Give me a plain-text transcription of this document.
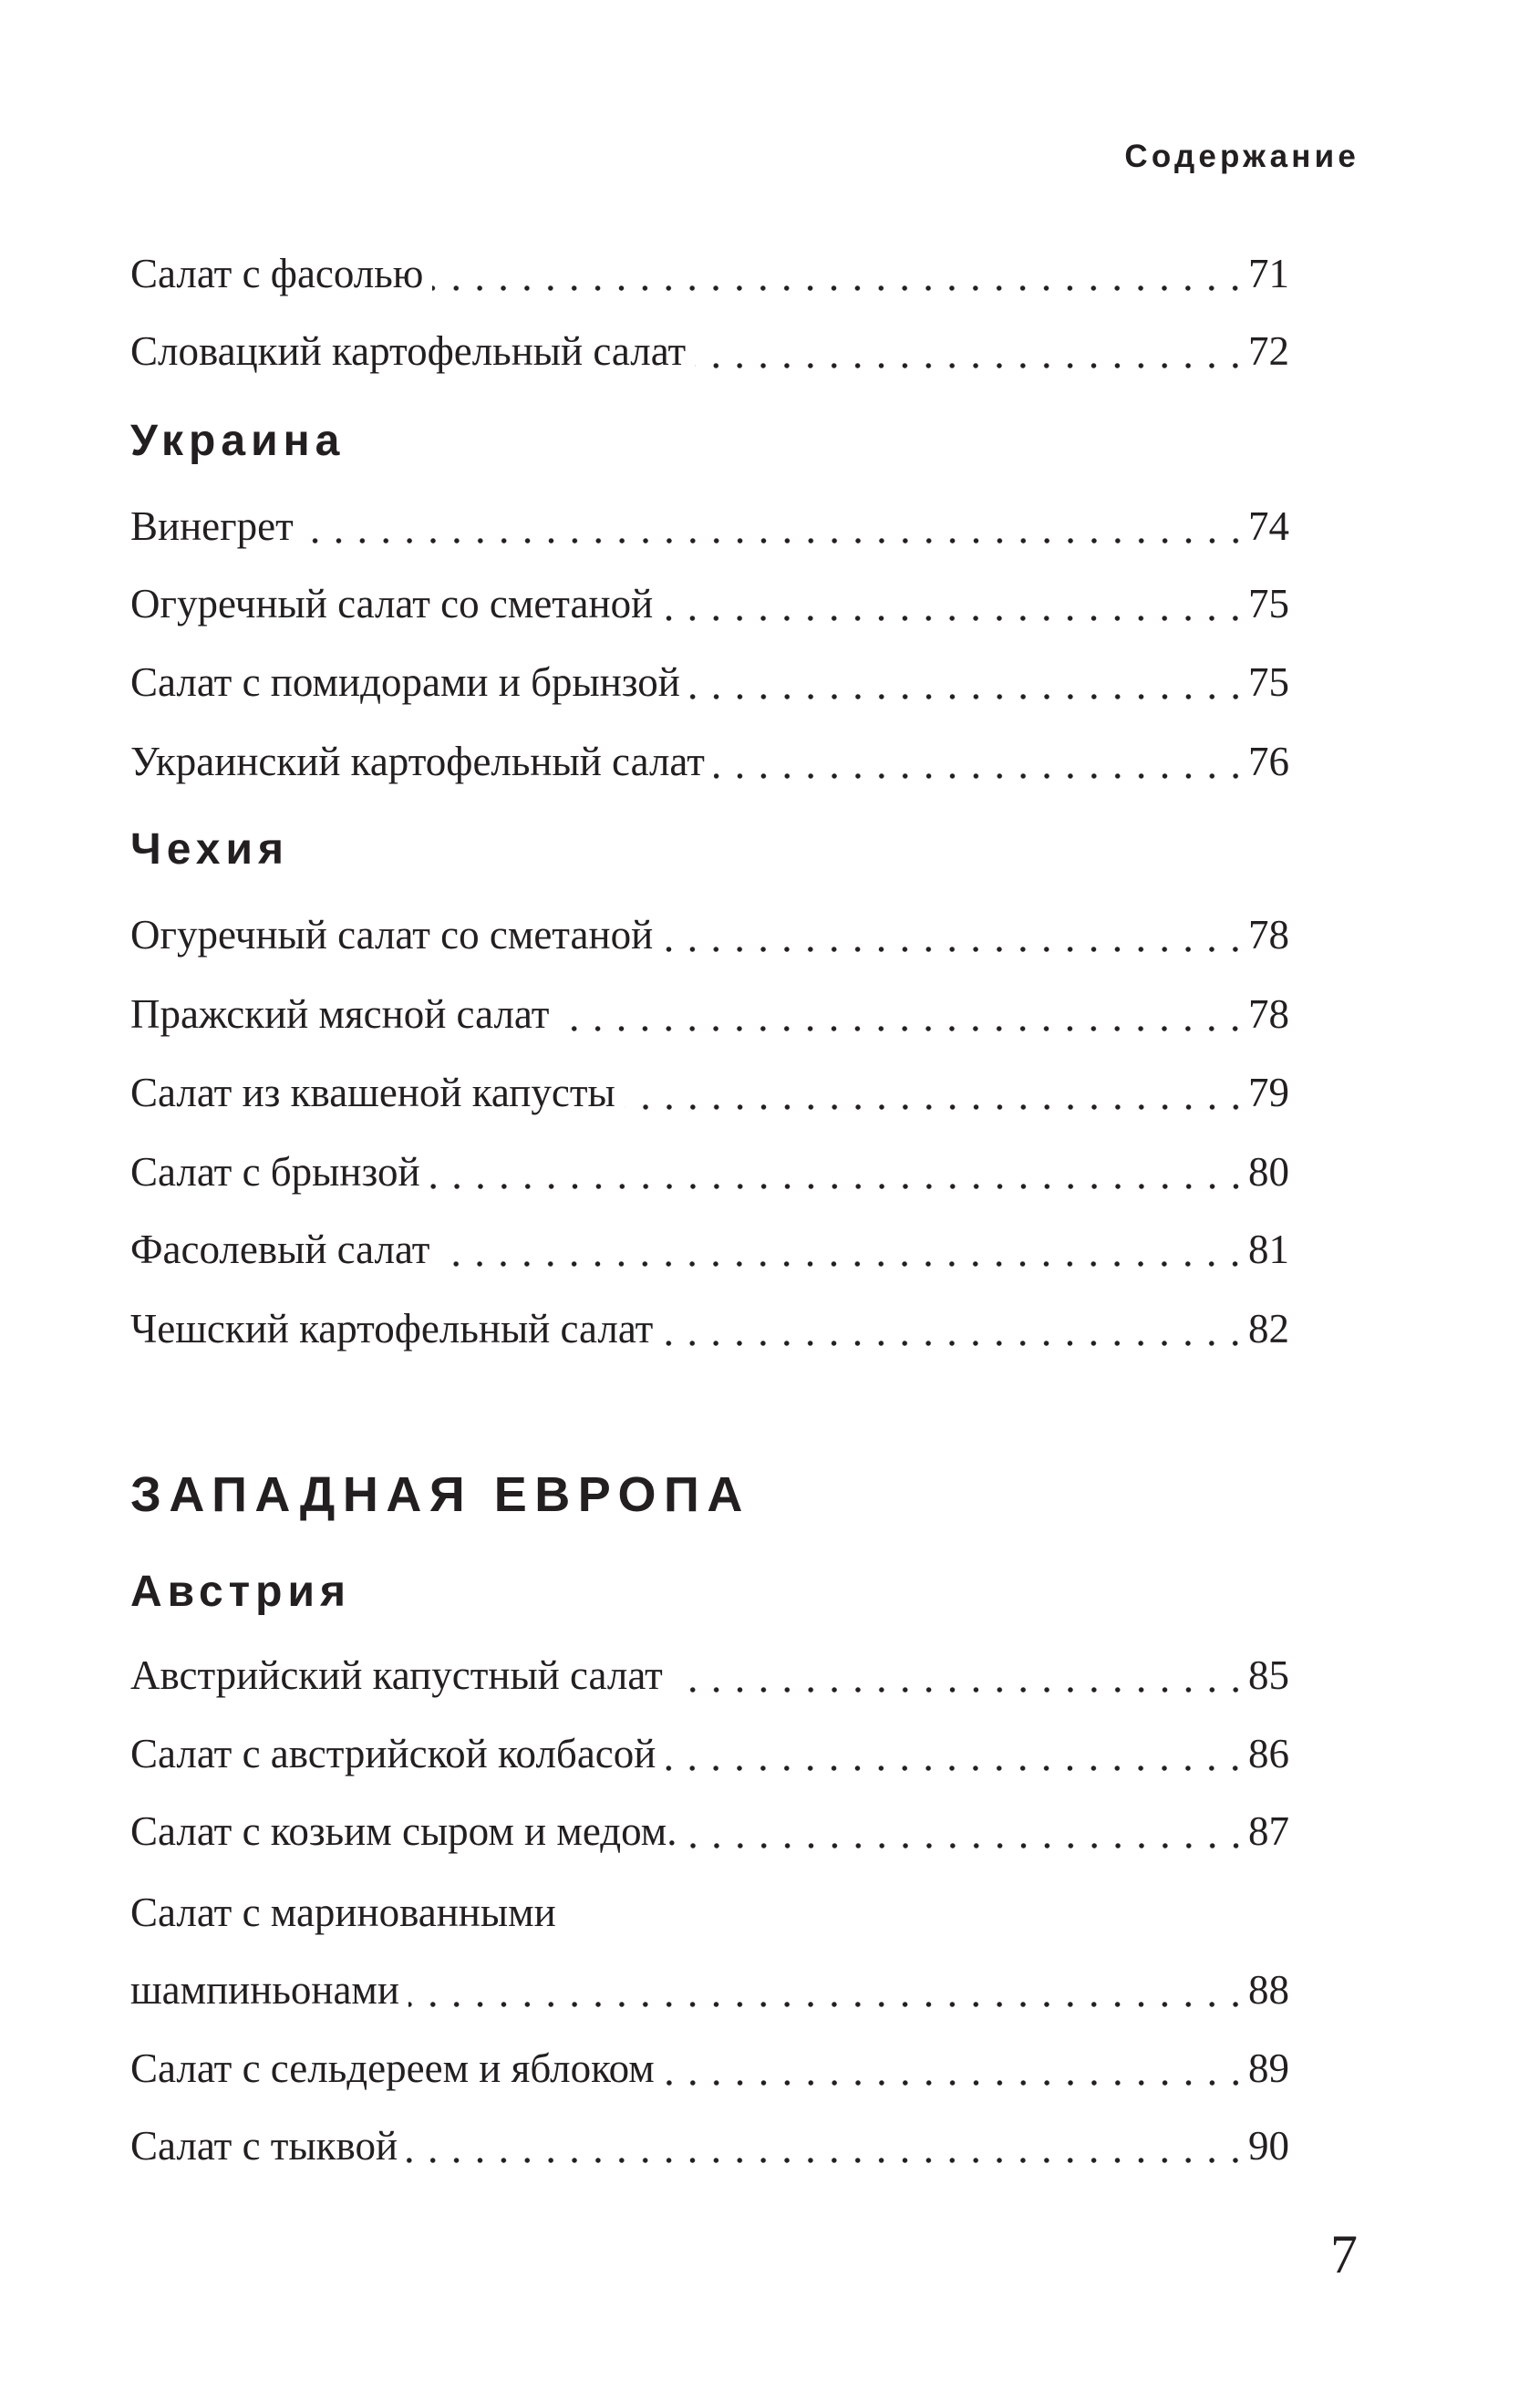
Содержание
Салат с фасолью	71
Словацкий картофельный салат	72
Украина
Винегрет	74
Огуречный салат со сметаной	75
Салат с помидорами и брынзой	75
Украинский картофельный салат	76
Чехия
Огуречный салат со сметаной	78
Пражский мясной салат	78
Салат из квашеной капусты	79
Салат с брынзой	80
Фасолевый салат	81
Чешский картофельный салат	82
ЗАПАДНАЯ ЕВРОПА
Австрия
Австрийский капустный салат	85
Салат с австрийской колбасой	86
Салат с козьим сыром и медом.	87
Салат с маринованными
шампиньонами	88
Салат с сельдереем и яблоком	89
Салат с тыквой	90
7
